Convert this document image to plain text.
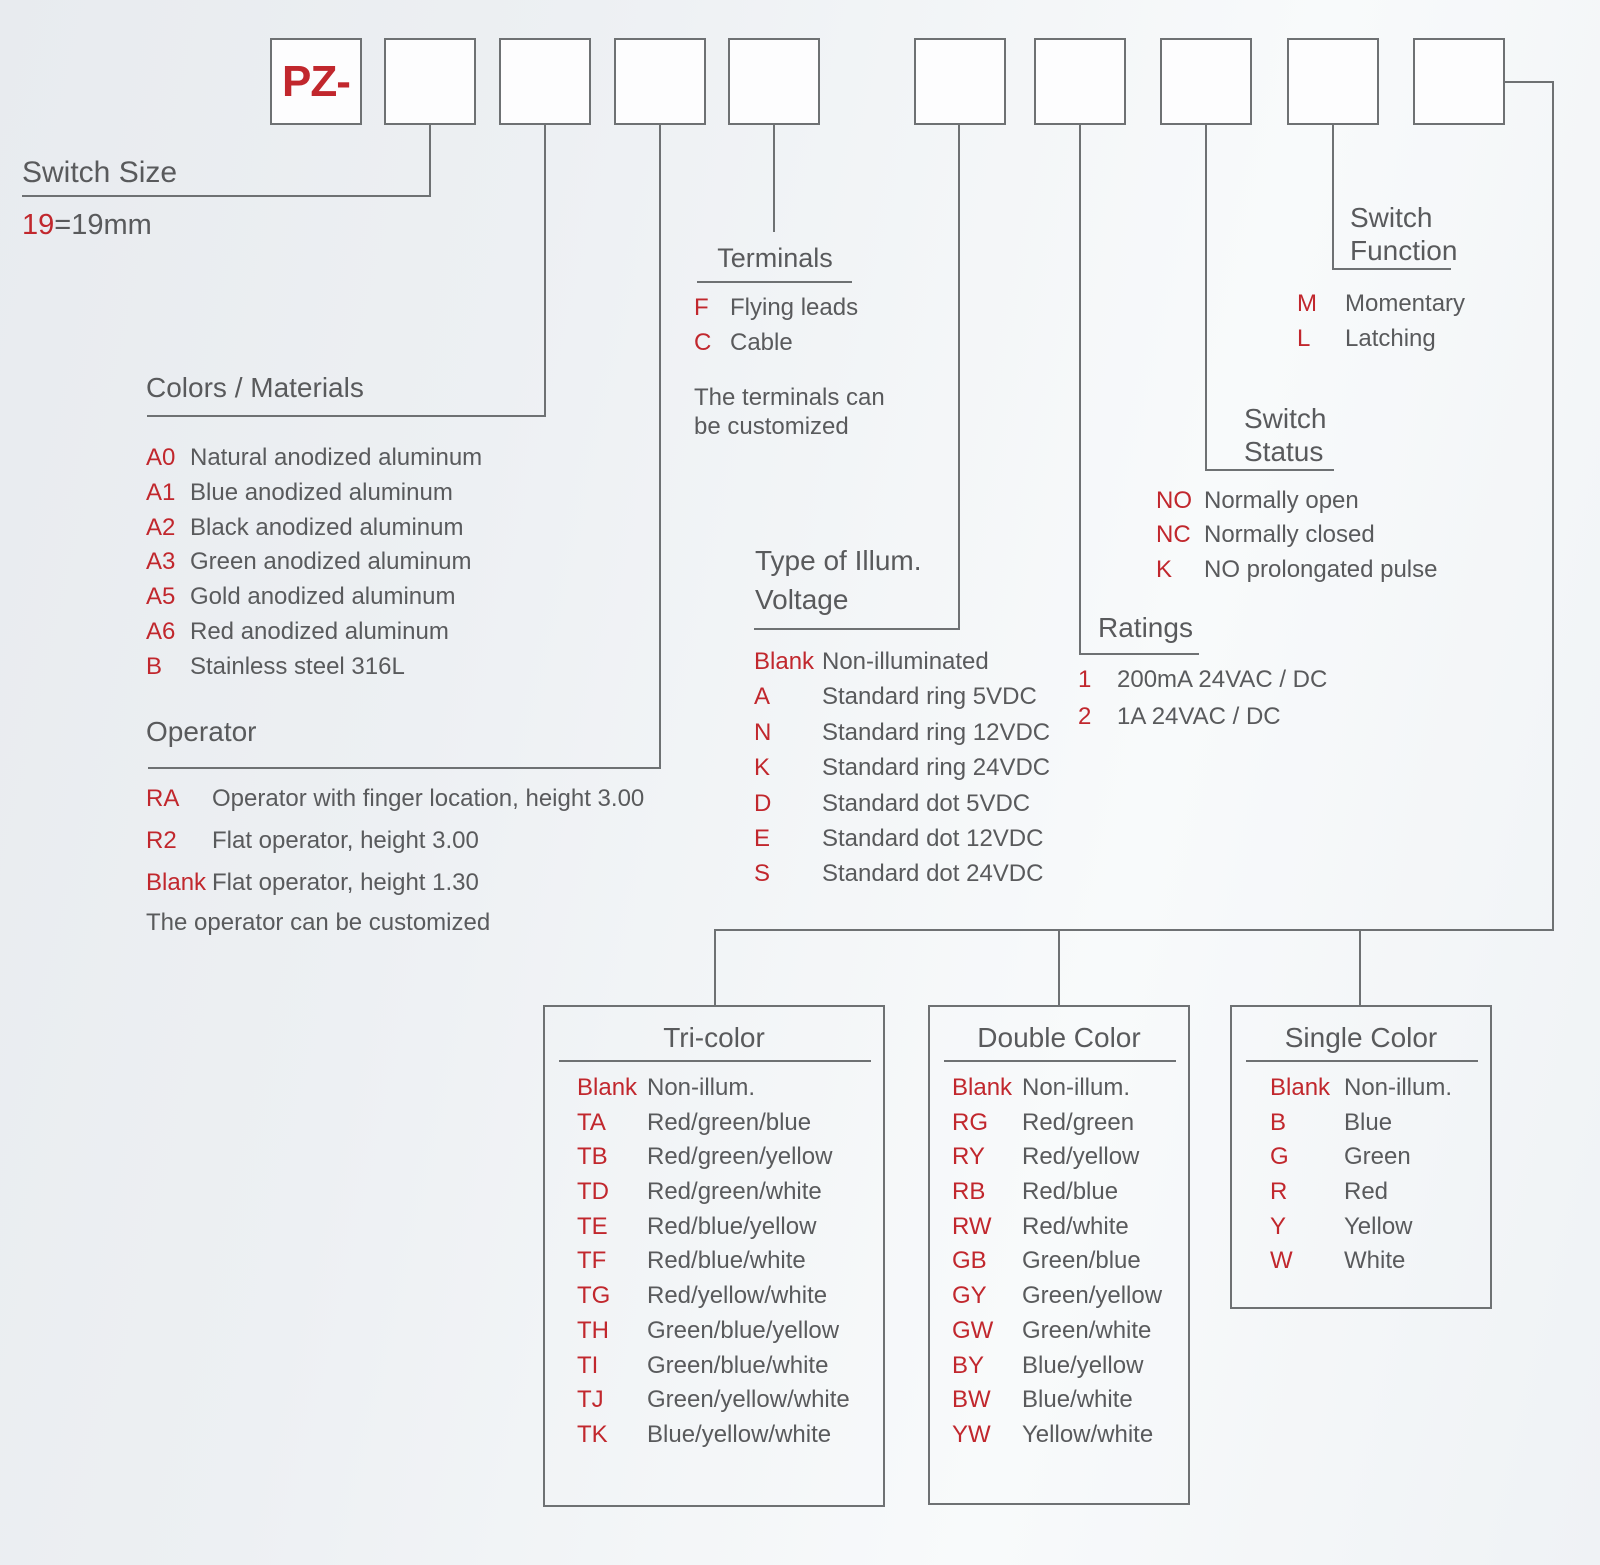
PZ-
Switch Size
19=19mm
Colors / Materials
A0 Natural anodized aluminum
A1 Blue anodized aluminum
A2 Black anodized aluminum
A3 Green anodized aluminum
A5 Gold anodized aluminum
A6 Red anodized aluminum
B	Stainless steel 316L
Operator
RA	Operator with finger location, height 3.00
R2	Flat operator, height 3.00
Blank Flat operator, height 1.30
The operator can be customized
Terminals
F Flying leads
C Cable
The terminals can
be customized
Type of Illum.
Voltage
Blank Non-illuminated
A	Standard ring 5VDC
N	Standard ring 12VDC
K	Standard ring 24VDC
D	Standard dot 5VDC
E	Standard dot 12VDC
S	Standard dot 24VDC
Ratings
1	200mA 24VAC / DC
2	1A 24VAC / DC
Switch
Status
NO Normally open
NC Normally closed
K	NO prolongated pulse
Switch
Function
M	Momentary
L	Latching
Tri-color
Blank Non-illum.
TA	Red/green/blue
TB	Red/green/yellow
TD	Red/green/white
TE	Red/blue/yellow
TF	Red/blue/white
TG	Red/yellow/white
TH	Green/blue/yellow
TI	Green/blue/white
TJ	Green/yellow/white
TK	Blue/yellow/white
Double Color
Blank Non-illum.
RG	Red/green
RY	Red/yellow
RB	Red/blue
RW	Red/white
GB	Green/blue
GY	Green/yellow
GW	Green/white
BY	Blue/yellow
BW	Blue/white
YW	Yellow/white
Single Color
Blank Non-illum.
B	Blue
G	Green
R	Red
Y	Yellow
W	White
